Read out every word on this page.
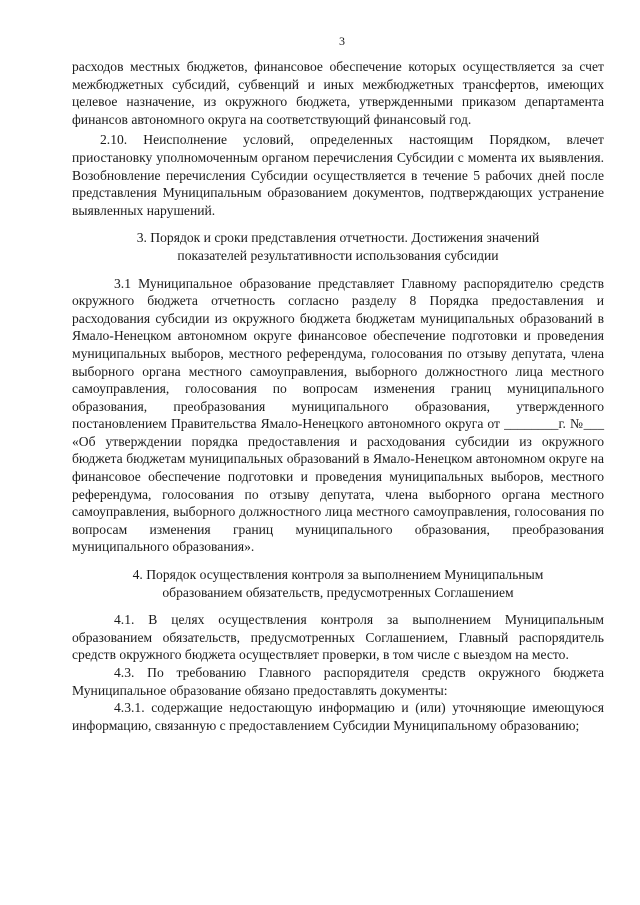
3

расходов местных бюджетов, финансовое обеспечение которых осуществляется за счет межбюджетных субсидий, субвенций и иных межбюджетных трансфертов, имеющих целевое назначение, из окружного бюджета, утвержденными приказом департамента финансов автономного округа на соответствующий финансовый год.

2.10. Неисполнение условий, определенных настоящим Порядком, влечет приостановку уполномоченным органом перечисления Субсидии с момента их выявления. Возобновление перечисления Субсидии осуществляется в течение 5 рабочих дней после представления Муниципальным образованием документов, подтверждающих устранение выявленных нарушений.

3. Порядок и сроки представления отчетности. Достижения значений показателей результативности использования субсидии

3.1 Муниципальное образование представляет Главному распорядителю средств окружного бюджета отчетность согласно разделу 8 Порядка предоставления и расходования субсидии из окружного бюджета бюджетам муниципальных образований в Ямало-Ненецком автономном округе финансовое обеспечение подготовки и проведения муниципальных выборов, местного референдума, голосования по отзыву депутата, члена выборного органа местного самоуправления, выборного должностного лица местного самоуправления, голосования по вопросам изменения границ муниципального образования, преобразования муниципального образования, утвержденного постановлением Правительства Ямало-Ненецкого автономного округа от ________г. №___ «Об утверждении порядка предоставления и расходования субсидии из окружного бюджета бюджетам муниципальных образований в Ямало-Ненецком автономном округе на финансовое обеспечение подготовки и проведения муниципальных выборов, местного референдума, голосования по отзыву депутата, члена выборного органа местного самоуправления, выборного должностного лица местного самоуправления, голосования по вопросам изменения границ муниципального образования, преобразования муниципального образования».

4. Порядок осуществления контроля за выполнением Муниципальным образованием обязательств, предусмотренных Соглашением

4.1. В целях осуществления контроля за выполнением Муниципальным образованием обязательств, предусмотренных Соглашением, Главный распорядитель средств окружного бюджета осуществляет проверки, в том числе с выездом на место.

4.3. По требованию Главного распорядителя средств окружного бюджета Муниципальное образование обязано предоставлять документы:

4.3.1. содержащие недостающую информацию и (или) уточняющие имеющуюся информацию, связанную с предоставлением Субсидии Муниципальному образованию;
